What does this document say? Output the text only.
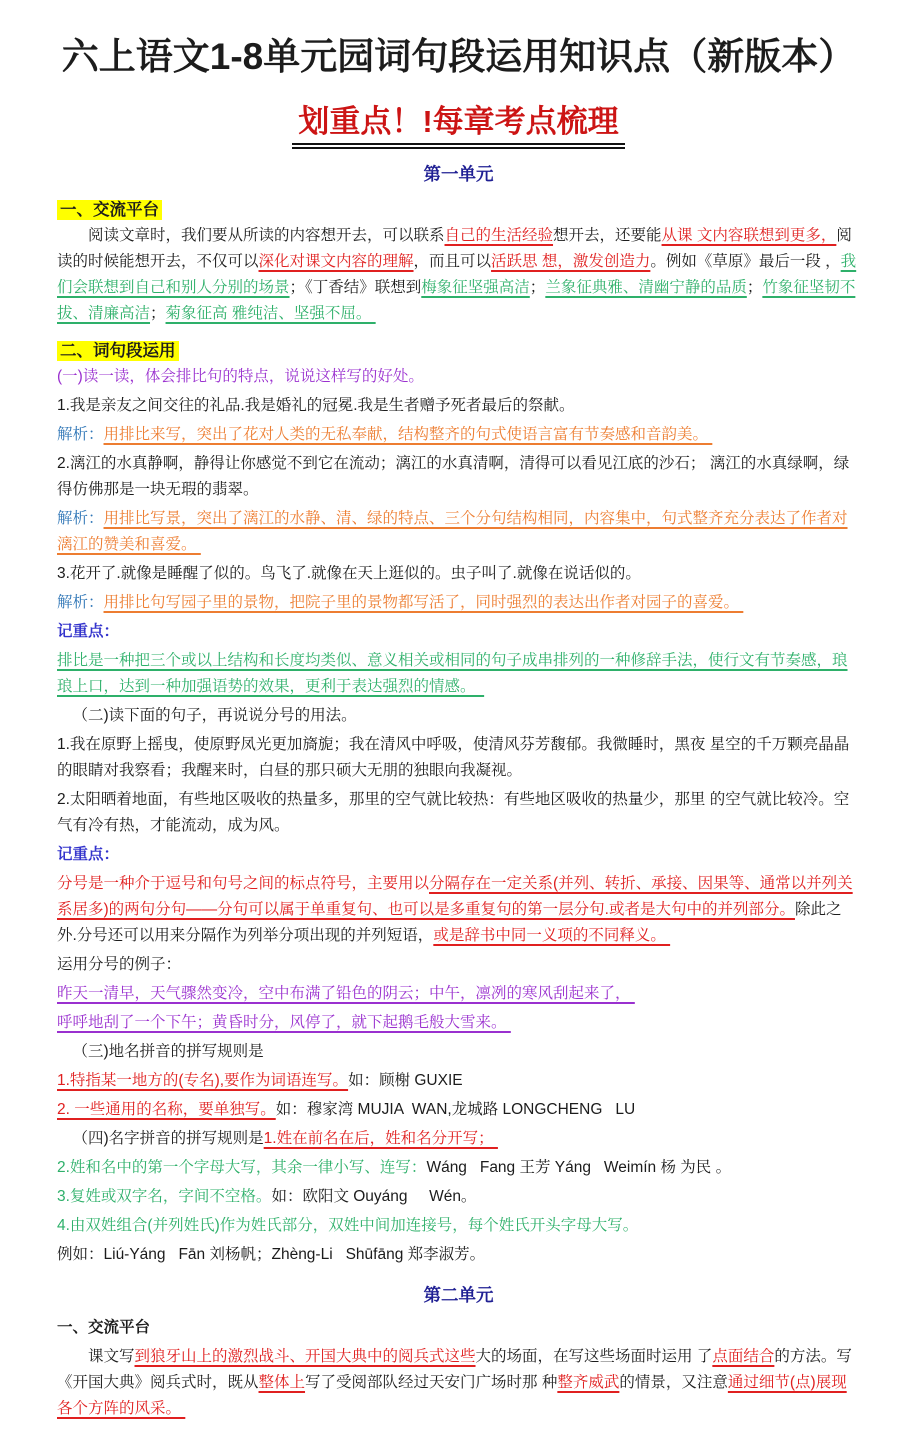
六上语文1-8单元园词句段运用知识点（新版本）
划重点！!每章考点梳理
第一单元
一、交流平台
阅读文章时，我们要从所读的内容想开去，可以联系自己的生活经验想开去，还要能从课 文内容联想到更多，阅读的时候能想开去，不仅可以深化对课文内容的理解，而且可以活跃思 想，激发创造力。例如《草原》最后一段 ，我们会联想到自己和别人分别的场景；《丁香结》联想到梅象征坚强高洁；兰象征典雅、清幽宁静的品质；竹象征坚韧不拔、清廉高洁；菊象征高 雅纯洁、坚强不屈。
二、词句段运用
(一)读一读，体会排比句的特点，说说这样写的好处。
1.我是亲友之间交往的礼品.我是婚礼的冠冕.我是生者赠予死者最后的祭献。
解析：用排比来写，突出了花对人类的无私奉献，结构整齐的句式使语言富有节奏感和音韵美。
2.漓江的水真静啊，静得让你感觉不到它在流动；漓江的水真清啊，清得可以看见江底的沙石； 漓江的水真绿啊，绿得仿佛那是一块无瑕的翡翠。
解析：用排比写景，突出了漓江的水静、清、绿的特点、三个分句结构相同，内容集中，句式整齐充分表达了作者对漓江的赞美和喜爱。
3.花开了.就像是睡醒了似的。鸟飞了.就像在天上逛似的。虫子叫了.就像在说话似的。
解析：用排比句写园子里的景物，把院子里的景物都写活了，同时强烈的表达出作者对园子的喜爱。
记重点：
排比是一种把三个或以上结构和长度均类似、意义相关或相同的句子成串排列的一种修辞手法，使行文有节奏感，琅琅上口，达到一种加强语势的效果，更利于表达强烈的情感。
（二)读下面的句子，再说说分号的用法。
1.我在原野上摇曳，使原野凤光更加旖旎；我在清风中呼吸，使清风芬芳馥郁。我微睡时，黑夜 星空的千万颗亮晶晶的眼睛对我察看；我醒来时，白昼的那只硕大无朋的独眼向我凝视。
2.太阳晒着地面，有些地区吸收的热量多，那里的空气就比较热：有些地区吸收的热量少，那里 的空气就比较冷。空气有冷有热，才能流动，成为风。
记重点：
分号是一种介于逗号和句号之间的标点符号，主要用以分隔存在一定关系(并列、转折、承接、因果等、通常以并列关系居多)的两句分句——分句可以属于单重复句、也可以是多重复句的第一层分句.或者是大句中的并列部分。除此之外.分号还可以用来分隔作为列举分项出现的并列短语，或是辞书中同一义项的不同释义。
运用分号的例子：
昨天一清早，天气骤然变冷，空中布满了铅色的阴云；中午，凛冽的寒风刮起来了，
呼呼地刮了一个下午；黄昏时分，风停了，就下起鹅毛般大雪来。
（三)地名拼音的拼写规则是
1.特指某一地方的(专名),要作为词语连写。如：顾榭 GUXIE
2. 一些通用的名称，要单独写。如：穆家湾 MUJIA  WAN,龙城路 LONGCHENG   LU
（四)名字拼音的拼写规则是1.姓在前名在后，姓和名分开写；
2.姓和名中的第一个字母大写，其余一律小写、连写：Wáng   Fang 王芳 Yáng   Weimín 杨 为民 。
3.复姓或双字名，字间不空格。如：欧阳文 Ouyáng     Wén。
4.由双姓组合(并列姓氏)作为姓氏部分，双姓中间加连接号，每个姓氏开头字母大写。
例如：Liú-Yáng   Fān 刘杨帆；Zhèng-Li   Shūfāng 郑李淑芳。
第二单元
一、交流平台
课文写到狼牙山上的激烈战斗、开国大典中的阅兵式这些大的场面，在写这些场面时运用 了点面结合的方法。写《开国大典》阅兵式时，既从整体上写了受阅部队经过天安门广场时那 种整齐威武的情景，又注意通过细节(点)展现各个方阵的风采。
